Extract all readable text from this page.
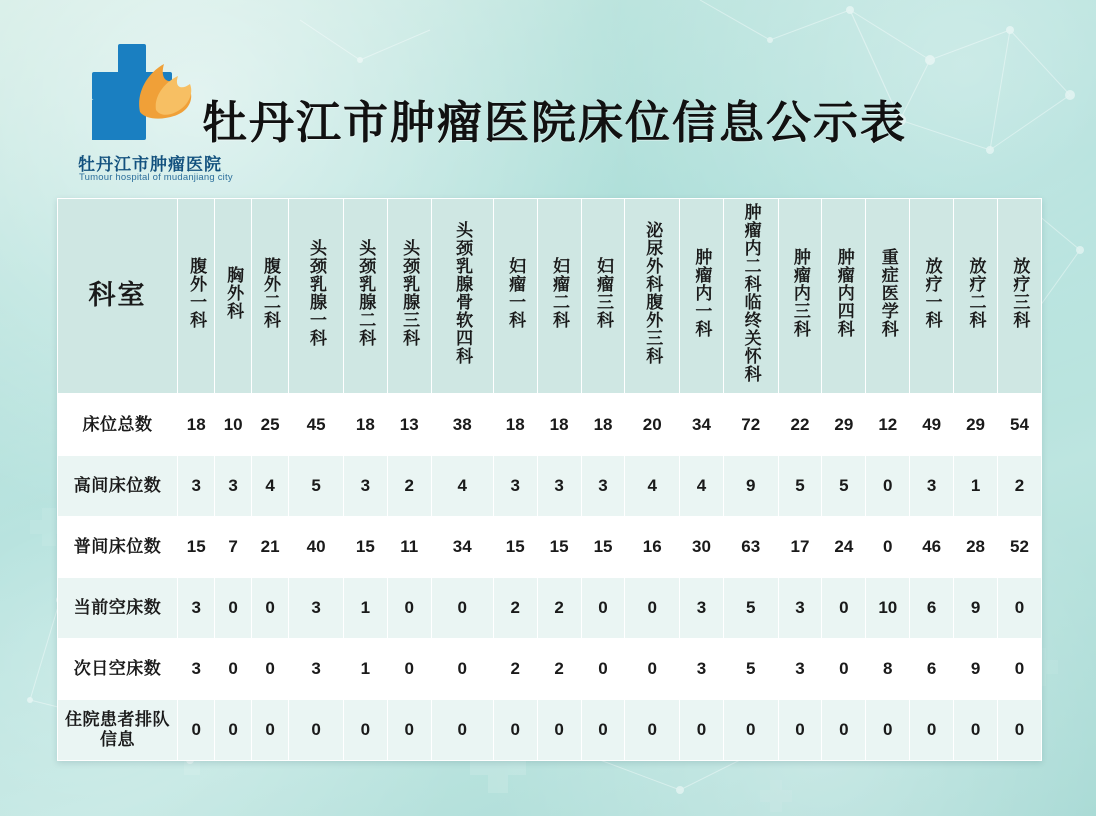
牡丹江市肿瘤医院
Tumour hospital of mudanjiang city
牡丹江市肿瘤医院床位信息公示表
科室	腹外一科	胸外科	腹外二科	头颈乳腺一科	头颈乳腺二科	头颈乳腺三科	头颈乳腺骨软四科	妇瘤一科	妇瘤二科	妇瘤三科	泌尿外科腹外三科	肿瘤内一科	肿瘤内二科临终关怀科	肿瘤内三科	肿瘤内四科	重症医学科	放疗一科	放疗二科	放疗三科
床位总数	18	10	25	45	18	13	38	18	18	18	20	34	72	22	29	12	49	29	54
高间床位数	3	3	4	5	3	2	4	3	3	3	4	4	9	5	5	0	3	1	2
普间床位数	15	7	21	40	15	11	34	15	15	15	16	30	63	17	24	0	46	28	52
当前空床数	3	0	0	3	1	0	0	2	2	0	0	3	5	3	0	10	6	9	0
次日空床数	3	0	0	3	1	0	0	2	2	0	0	3	5	3	0	8	6	9	0
住院患者排队信息	0	0	0	0	0	0	0	0	0	0	0	0	0	0	0	0	0	0	0
